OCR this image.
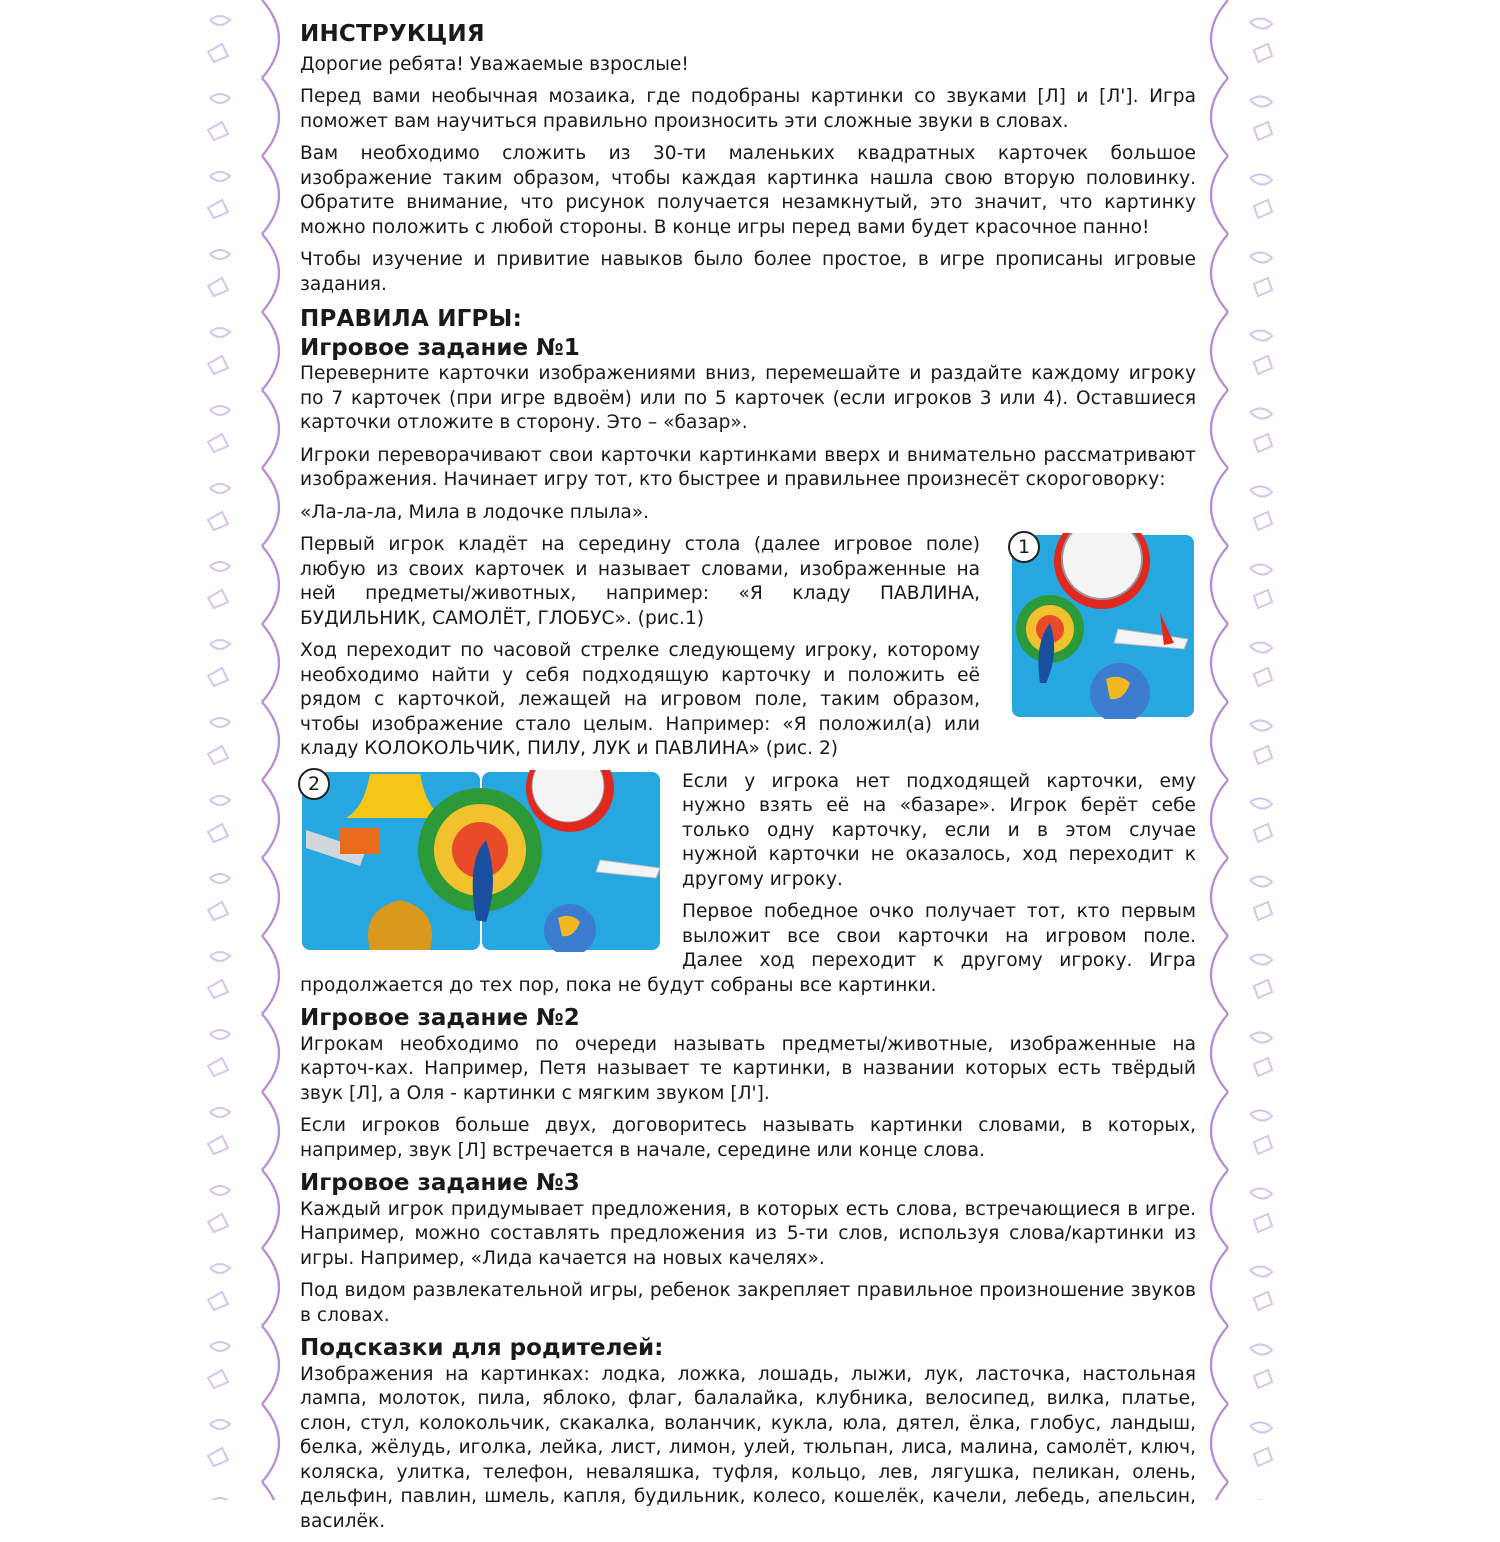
ИНСТРУКЦИЯ

Дорогие ребята! Уважаемые взрослые!

Перед вами необычная мозаика, где подобраны картинки со звуками [Л] и [Л']. Игра поможет вам научиться правильно произносить эти сложные звуки в словах.

Вам необходимо сложить из 30-ти маленьких квадратных карточек большое изображение таким образом, чтобы каждая картинка нашла свою вторую половинку. Обратите внимание, что рисунок получается незамкнутый, это значит, что картинку можно положить с любой стороны. В конце игры перед вами будет красочное панно!

Чтобы изучение и привитие навыков было более простое, в игре прописаны игровые задания.

ПРАВИЛА ИГРЫ:
Игровое задание №1

Переверните карточки изображениями вниз, перемешайте и раздайте каждому игроку по 7 карточек (при игре вдвоём) или по 5 карточек (если игроков 3 или 4). Оставшиеся карточки отложите в сторону. Это – «базар».

Игроки переворачивают свои карточки картинками вверх и внимательно рассматривают изображения. Начинает игру тот, кто быстрее и правильнее произнесёт скороговорку:

«Ла-ла-ла, Мила в лодочке плыла».

1

Первый игрок кладёт на середину стола (далее игровое поле) любую из своих карточек и называет словами, изображенные на ней предметы/животных, например: «Я кладу ПАВЛИНА, БУДИЛЬНИК, САМОЛЁТ, ГЛОБУС». (рис.1)

2

Ход переходит по часовой стрелке следующему игроку, которому необходимо найти у себя подходящую карточку и положить её рядом с карточкой, лежащей на игровом поле, таким образом, чтобы изображение стало целым. Например: «Я положил(а) или кладу КОЛОКОЛЬЧИК, ПИЛУ, ЛУК и ПАВЛИНА» (рис. 2)

Если у игрока нет подходящей карточки, ему нужно взять её на «базаре». Игрок берёт себе только одну карточку, если и в этом случае нужной карточки не оказалось, ход переходит к другому игроку.

Первое победное очко получает тот, кто первым выложит все свои карточки на игровом поле. Далее ход переходит к другому игроку. Игра продолжается до тех пор, пока не будут собраны все картинки.

Игровое задание №2

Игрокам необходимо по очереди называть предметы/животные, изображенные на карточ-ках. Например, Петя называет те картинки, в названии которых есть твёрдый звук [Л], а Оля - картинки с мягким звуком [Л'].

Если игроков больше двух, договоритесь называть картинки словами, в которых, например, звук [Л] встречается в начале, середине или конце слова.

Игровое задание №3

Каждый игрок придумывает предложения, в которых есть слова, встречающиеся в игре. Например, можно составлять предложения из 5-ти слов, используя слова/картинки из игры. Например, «Лида качается на новых качелях».

Под видом развлекательной игры, ребенок закрепляет правильное произношение звуков в словах.

Подсказки для родителей:

Изображения на картинках: лодка, ложка, лошадь, лыжи, лук, ласточка, настольная лампа, молоток, пила, яблоко, флаг, балалайка, клубника, велосипед, вилка, платье, слон, стул, колокольчик, скакалка, воланчик, кукла, юла, дятел, ёлка, глобус, ландыш, белка, жёлудь, иголка, лейка, лист, лимон, улей, тюльпан, лиса, малина, самолёт, ключ, коляска, улитка, телефон, неваляшка, туфля, кольцо, лев, лягушка, пеликан, олень, дельфин, павлин, шмель, капля, будильник, колесо, кошелёк, качели, лебедь, апельсин, василёк.
